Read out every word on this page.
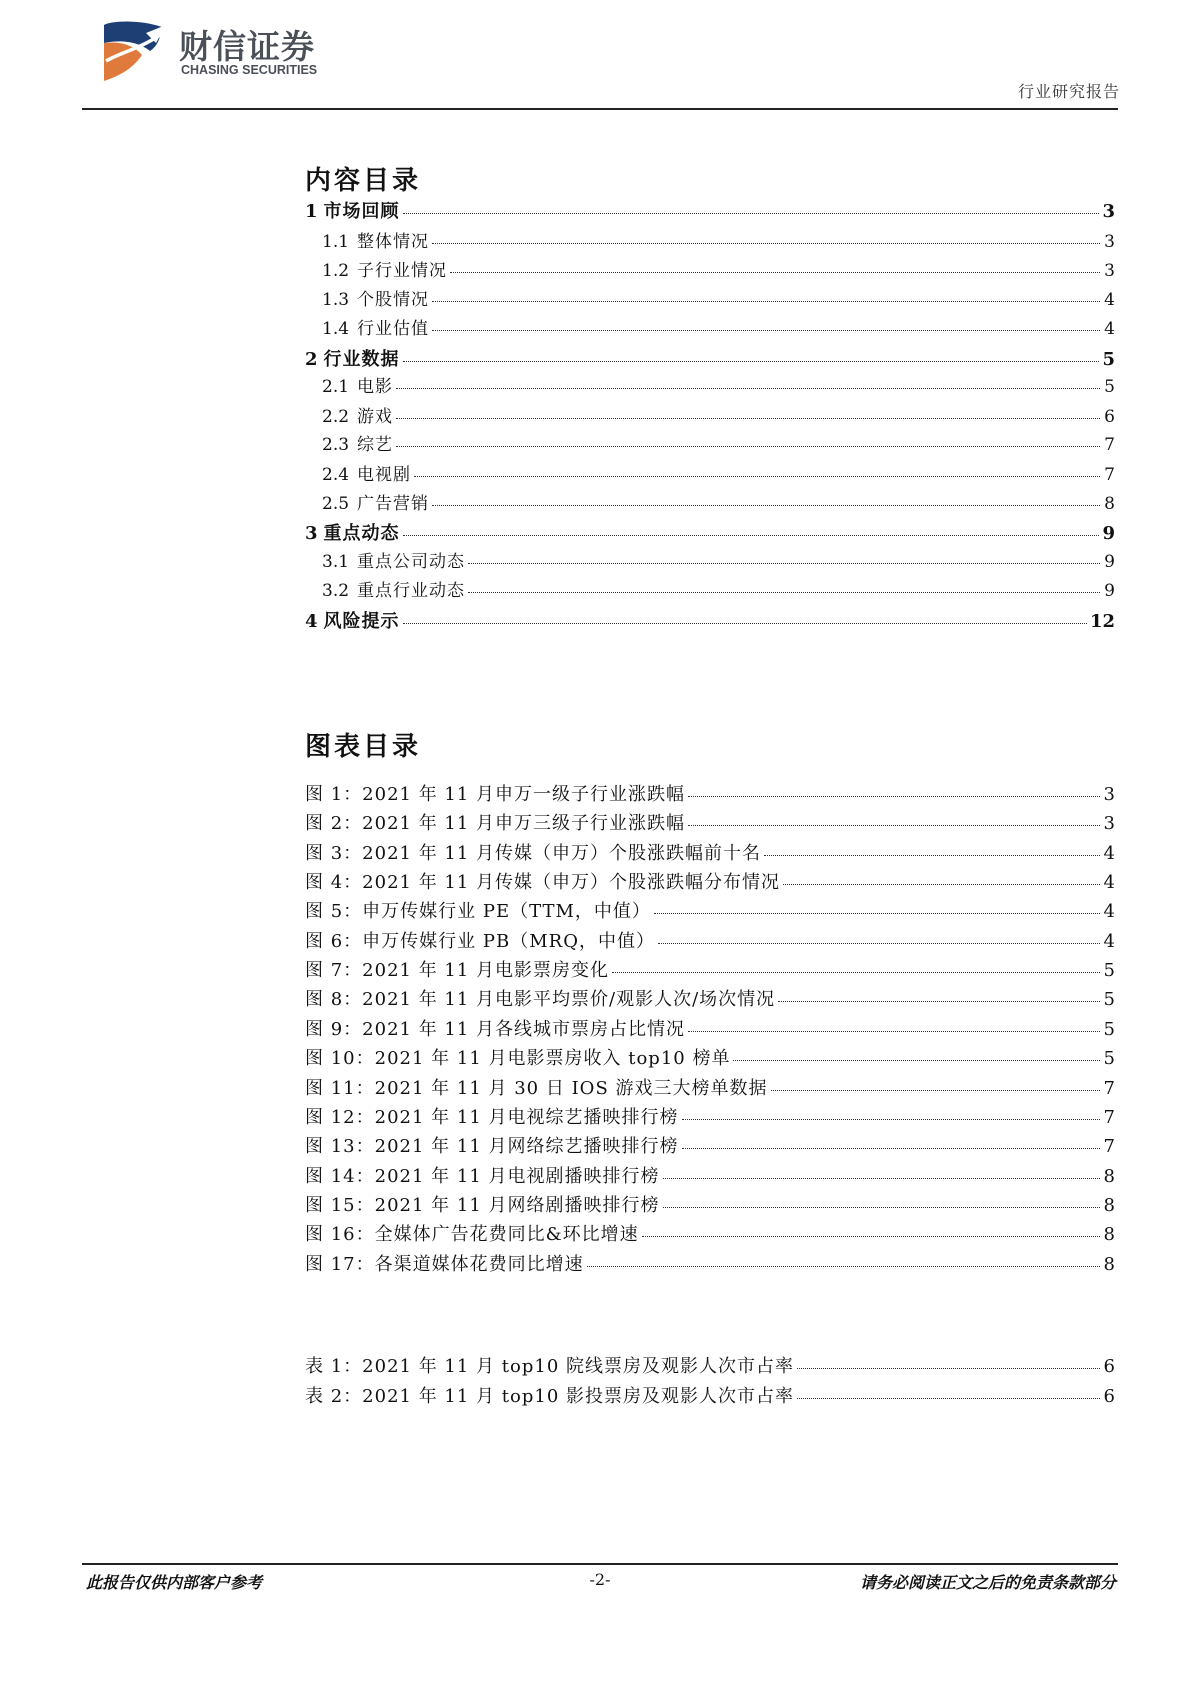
财信证券
CHASING SECURITIES
行业研究报告
内容目录
1 市场回顾	3
1.1 整体情况	3
1.2 子行业情况	3
1.3 个股情况	4
1.4 行业估值	4
2 行业数据	5
2.1 电影	5
2.2 游戏	6
2.3 综艺	7
2.4 电视剧	7
2.5 广告营销	8
3 重点动态	9
3.1 重点公司动态	9
3.2 重点行业动态	9
4 风险提示	12
图表目录
图 1：2021 年 11 月申万一级子行业涨跌幅	3
图 2：2021 年 11 月申万三级子行业涨跌幅	3
图 3：2021 年 11 月传媒（申万）个股涨跌幅前十名	4
图 4：2021 年 11 月传媒（申万）个股涨跌幅分布情况	4
图 5：申万传媒行业 PE（TTM，中值）	4
图 6：申万传媒行业 PB（MRQ，中值）	4
图 7：2021 年 11 月电影票房变化	5
图 8：2021 年 11 月电影平均票价/观影人次/场次情况	5
图 9：2021 年 11 月各线城市票房占比情况	5
图 10：2021 年 11 月电影票房收入 top10 榜单	5
图 11：2021 年 11 月 30 日 IOS 游戏三大榜单数据	7
图 12：2021 年 11 月电视综艺播映排行榜	7
图 13：2021 年 11 月网络综艺播映排行榜	7
图 14：2021 年 11 月电视剧播映排行榜	8
图 15：2021 年 11 月网络剧播映排行榜	8
图 16：全媒体广告花费同比&环比增速	8
图 17：各渠道媒体花费同比增速	8
表 1：2021 年 11 月 top10 院线票房及观影人次市占率	6
表 2：2021 年 11 月 top10 影投票房及观影人次市占率	6
此报告仅供内部客户参考	-2-	请务必阅读正文之后的免责条款部分
